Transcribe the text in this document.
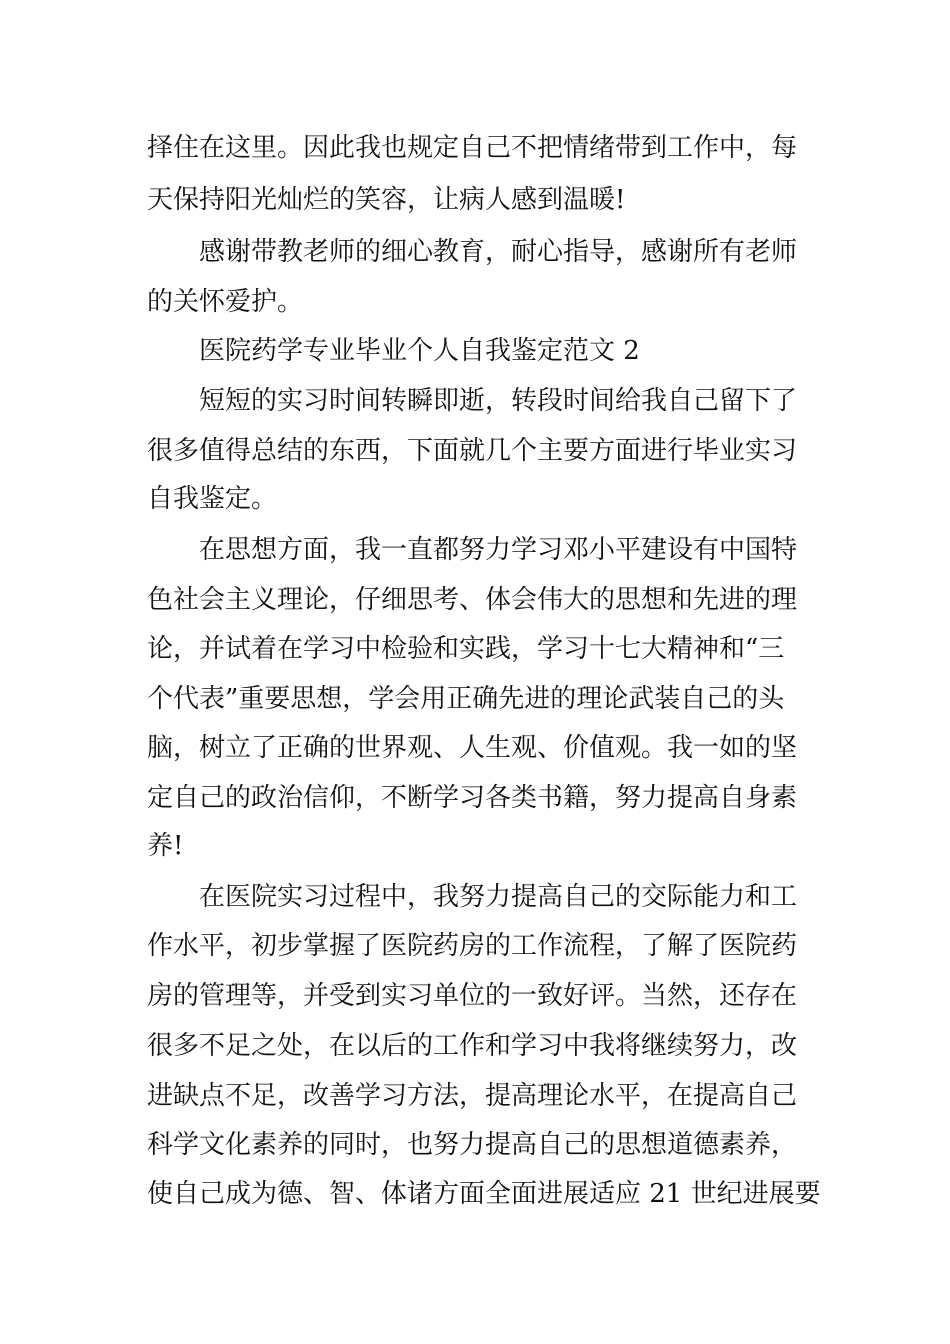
择住在这里。因此我也规定自己不把情绪带到工作中，每
天保持阳光灿烂的笑容，让病人感到温暖!
感谢带教老师的细心教育，耐心指导，感谢所有老师
的关怀爱护。
医院药学专业毕业个人自我鉴定范文 2
短短的实习时间转瞬即逝，转段时间给我自己留下了
很多值得总结的东西，下面就几个主要方面进行毕业实习
自我鉴定。
在思想方面，我一直都努力学习邓小平建设有中国特
色社会主义理论，仔细思考、体会伟大的思想和先进的理
论，并试着在学习中检验和实践，学习十七大精神和“三
个代表”重要思想，学会用正确先进的理论武装自己的头
脑，树立了正确的世界观、人生观、价值观。我一如的坚
定自己的政治信仰，不断学习各类书籍，努力提高自身素
养!
在医院实习过程中，我努力提高自己的交际能力和工
作水平，初步掌握了医院药房的工作流程，了解了医院药
房的管理等，并受到实习单位的一致好评。当然，还存在
很多不足之处，在以后的工作和学习中我将继续努力，改
进缺点不足，改善学习方法，提高理论水平，在提高自己
科学文化素养的同时，也努力提高自己的思想道德素养，
使自己成为德、智、体诸方面全面进展适应 21 世纪进展要
